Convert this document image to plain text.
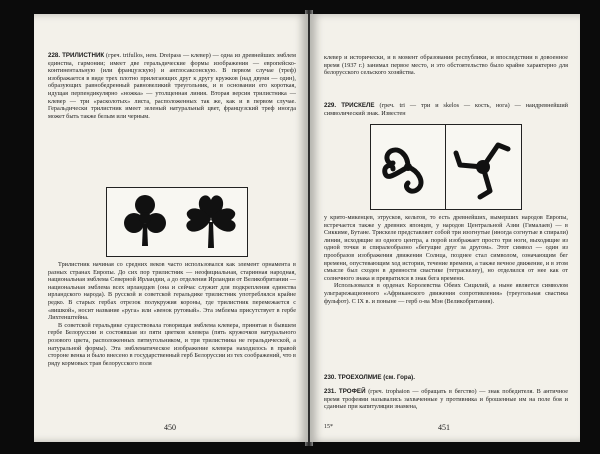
228. ТРИЛИСТНИК (греч. trifullos, нем. Dreipass — клевер) — одна из древнейших эмблем единства, гармонии; имеет две геральдические формы изображения — европейско-континентальную (или французскую) и англосаксонскую. В первом случае (треф) изображается в виде трех плотно прилегающих друг к другу кружков (над двумя — один), образующих равнобедренный равновеликий треугольник, и в основании его короткая, идущая перпендикулярно «ножка» — утолщенная линия. Вторая версия трилистника — клевер — три «расколотых» листа, расположенных так же, как и в первом случае. Геральдически трилистник имеет зеленый натуральный цвет, французский треф иногда может быть также белым или черным.

Трилистник начиная со средних веков часто использовался как элемент орнамента в разных странах Европы. До сих пор трилистник — неофициальная, старинная народная, национальная эмблема Северной Ирландии, а до отделения Ирландии от Великобритании — национальная эмблема всех ирландцев (она и сейчас служит для подкрепления единства ирландского народа). В русской и советской геральдике трилистник употреблялся крайне редко. В старых гербах отрезок полукружия короны, где трилистник перемежается с «вишкой», носит название «руга» или «венок рутовый». Эта эмблема присутствует в гербе Лихтенштейна.

В советской геральдике существовала говорящая эмблема клевера, принятая в бывшем гербе Белоруссии и состоявшая из пяти цветков клевера (пять кружочков натурального розового цвета, расположенных пятиугольником, и три трилистника не геральдической, а натуральной формы). Эта эмблематическое изображение клевера находилось в правой стороне венка и было внесено в государственный герб Белоруссии из тех соображений, что в ряду кормовых трав белорусского поля

450

клевер и исторически, и в момент образования республики, и впоследствии в довоенное время (1937 г.) занимал первое место, и это обстоятельство было крайне характерно для белорусского сельского хозяйства.

229. ТРИСКЕЛЕ (греч. tri — три и skelos — кость, нога) — наидревнейший символический знак. Известен

у крито-микенцев, этрусков, кельтов, то есть древнейших, вымерших народов Европы, встречается также у древних японцев, у народов Центральной Азии (Гималаев) — в Сиккиме, Бутане. Трискеле представляет собой три изогнутые (иногда согнутые в спирали) линии, исходящие из одного центра, а порой изображает просто три ноги, выходящие из одной точки и спиралеобразно «бегущие друг за другом». Этот символ — один из прообразов изображения движения Солнца, позднее стал символом, означающим бег времени, опустевающим ход истории, течение времени, а также вечное движение, и в этом смысле был сходен в древности свастике (тетраскелеу), но отделился от нее как от солнечного знака и превратился в знак бега времени.

Использовался в орденах Королевства Обеих Сицилий, а ныне является символом ультрарежационного «Африканского движения сопротивления» (треугольная свастика фульфот). С IX в. и поныне — герб о-ва Мэн (Великобритания).

230. ТРОЕХОЛМИЕ (см. Гора).

231. ТРОФЕЙ (греч. trophaion — обращать в бегство) — знак победителя. В античное время трофеями назывались захваченные у противника и брошенные им на поле боя и сданные при капитуляции знамена,

15*	451
